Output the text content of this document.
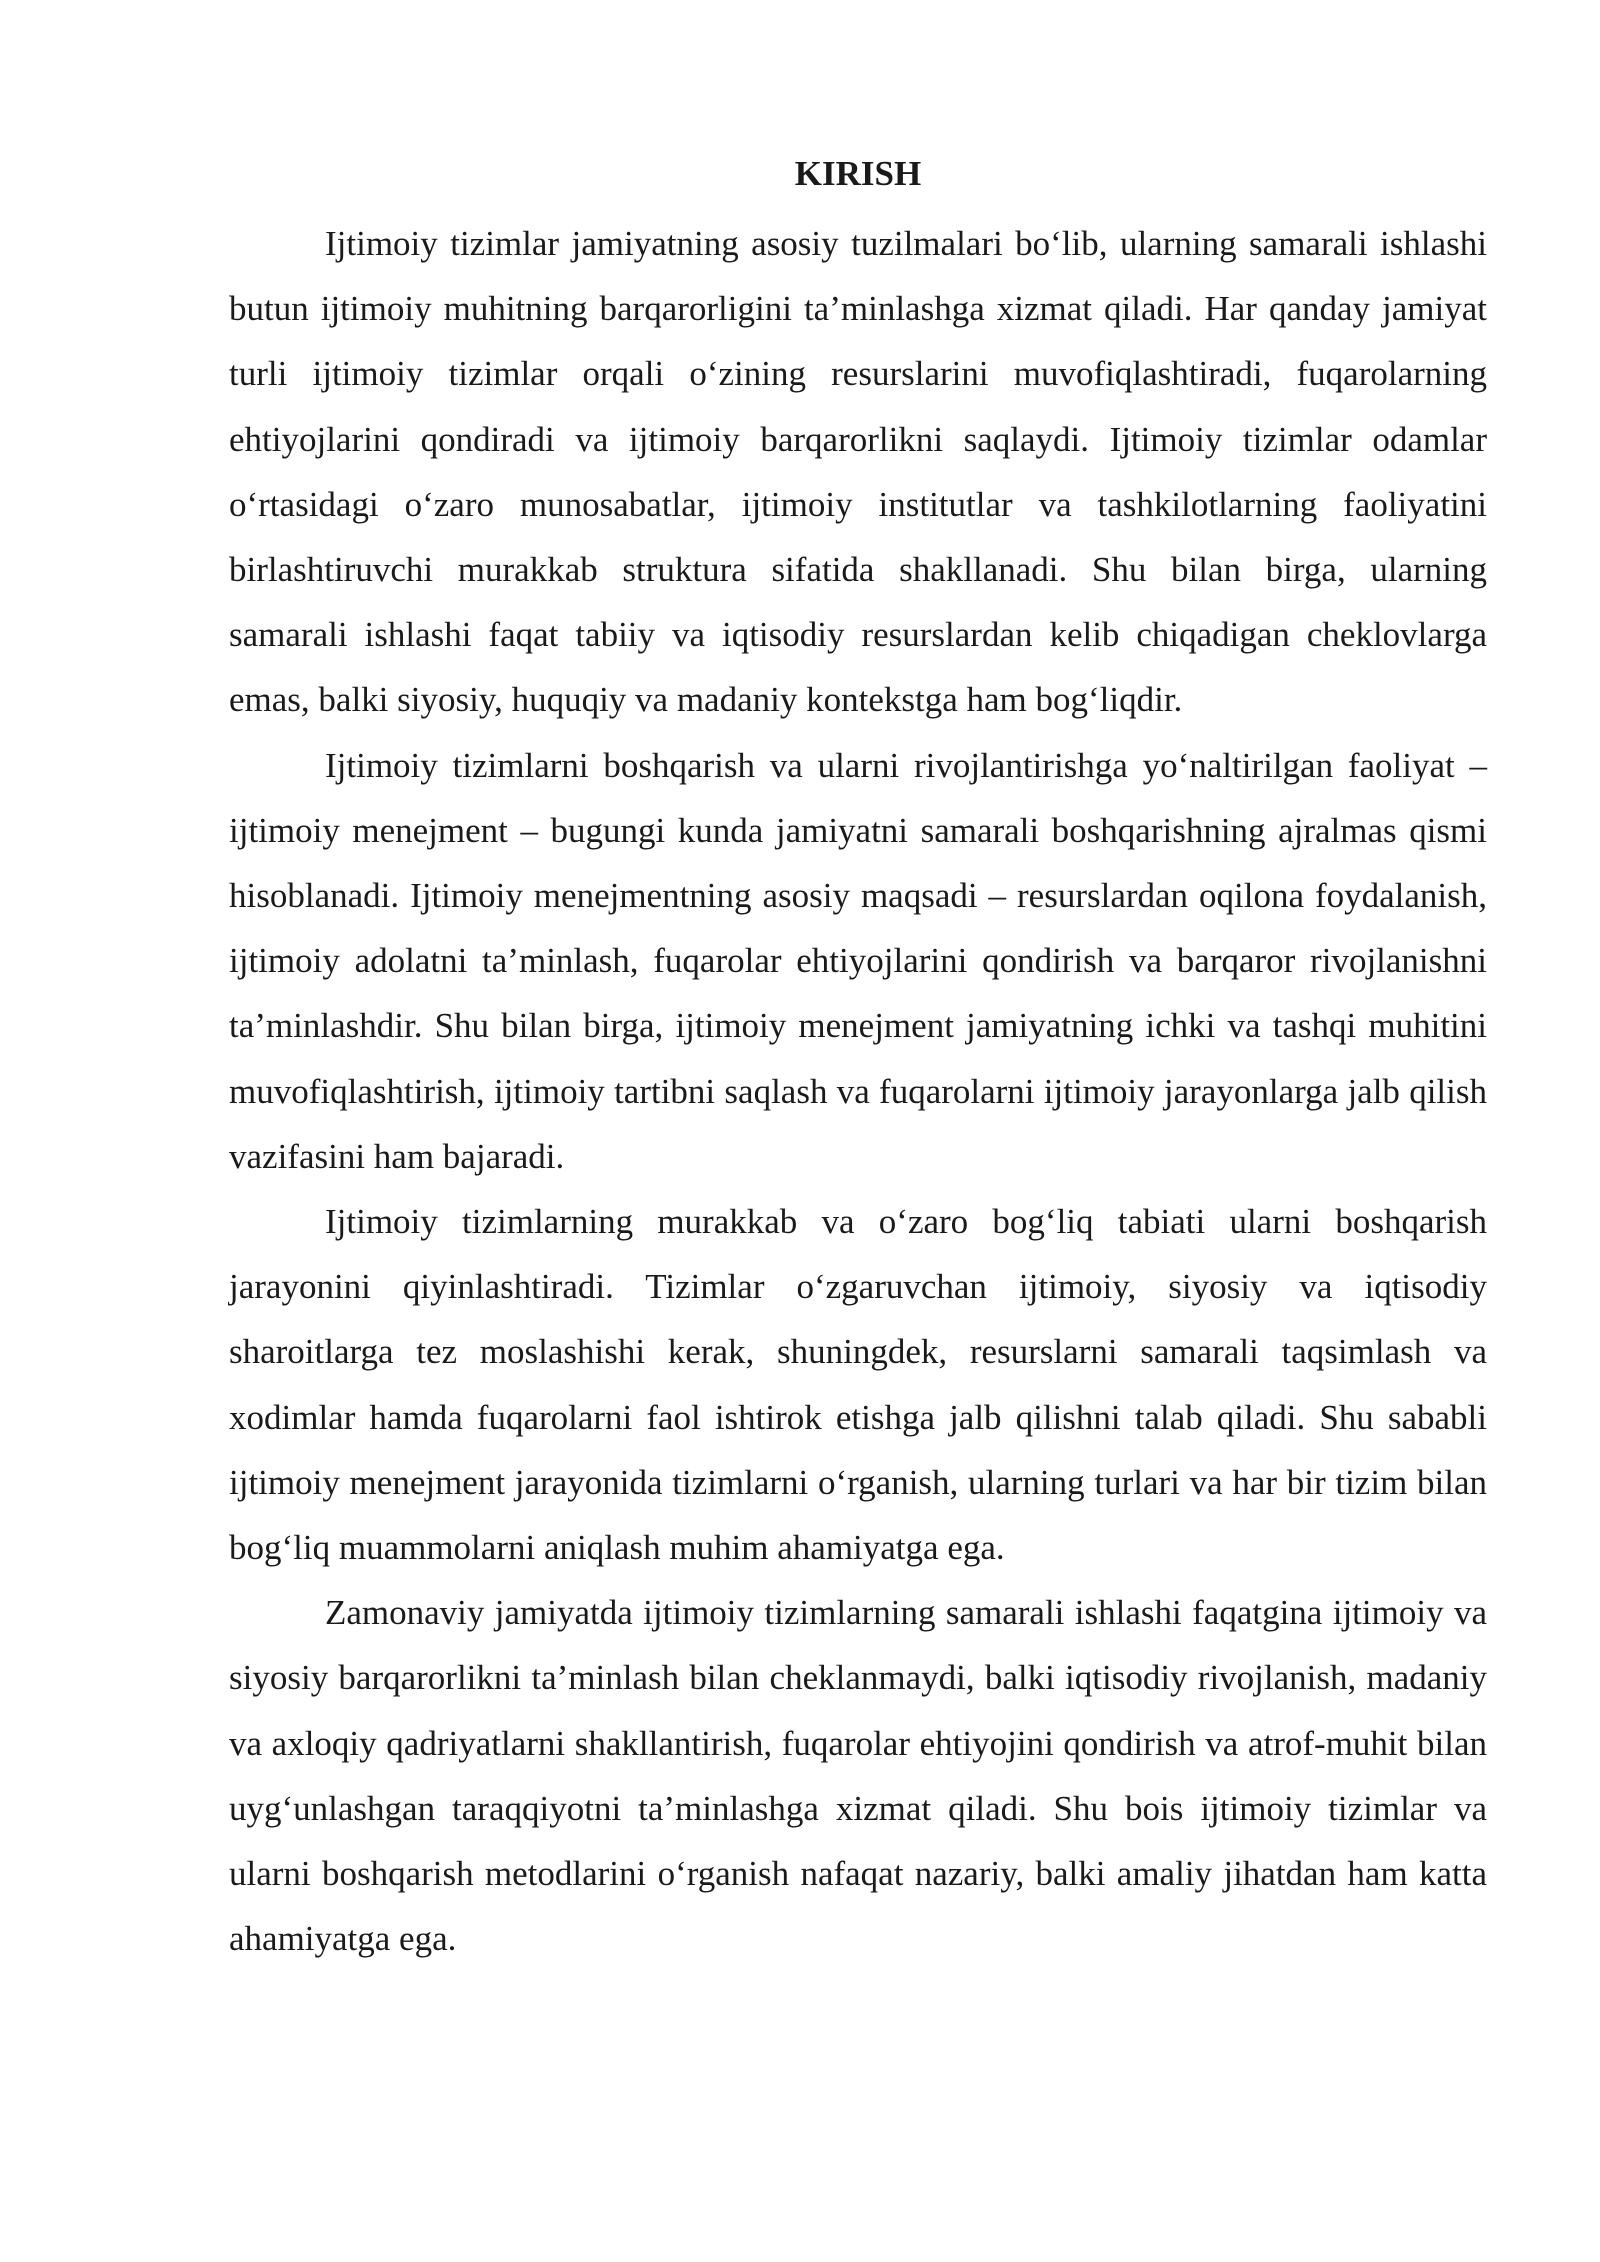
KIRISH

Ijtimoiy tizimlar jamiyatning asosiy tuzilmalari bo‘lib, ularning samarali ishlashi butun ijtimoiy muhitning barqarorligini ta’minlashga xizmat qiladi. Har qanday jamiyat turli ijtimoiy tizimlar orqali o‘zining resurslarini muvofiqlashtiradi, fuqarolarning ehtiyojlarini qondiradi va ijtimoiy barqarorlikni saqlaydi. Ijtimoiy tizimlar odamlar o‘rtasidagi o‘zaro munosabatlar, ijtimoiy institutlar va tashkilotlarning faoliyatini birlashtiruvchi murakkab struktura sifatida shakllanadi. Shu bilan birga, ularning samarali ishlashi faqat tabiiy va iqtisodiy resurslardan kelib chiqadigan cheklovlarga emas, balki siyosiy, huquqiy va madaniy kontekstga ham bog‘liqdir.

Ijtimoiy tizimlarni boshqarish va ularni rivojlantirishga yo‘naltirilgan faoliyat – ijtimoiy menejment – bugungi kunda jamiyatni samarali boshqarishning ajralmas qismi hisoblanadi. Ijtimoiy menejmentning asosiy maqsadi – resurslardan oqilona foydalanish, ijtimoiy adolatni ta’minlash, fuqarolar ehtiyojlarini qondirish va barqaror rivojlanishni ta’minlashdir. Shu bilan birga, ijtimoiy menejment jamiyatning ichki va tashqi muhitini muvofiqlashtirish, ijtimoiy tartibni saqlash va fuqarolarni ijtimoiy jarayonlarga jalb qilish vazifasini ham bajaradi.

Ijtimoiy tizimlarning murakkab va o‘zaro bog‘liq tabiati ularni boshqarish jarayonini qiyinlashtiradi. Tizimlar o‘zgaruvchan ijtimoiy, siyosiy va iqtisodiy sharoitlarga tez moslashishi kerak, shuningdek, resurslarni samarali taqsimlash va xodimlar hamda fuqarolarni faol ishtirok etishga jalb qilishni talab qiladi. Shu sababli ijtimoiy menejment jarayonida tizimlarni o‘rganish, ularning turlari va har bir tizim bilan bog‘liq muammolarni aniqlash muhim ahamiyatga ega.

Zamonaviy jamiyatda ijtimoiy tizimlarning samarali ishlashi faqatgina ijtimoiy va siyosiy barqarorlikni ta’minlash bilan cheklanmaydi, balki iqtisodiy rivojlanish, madaniy va axloqiy qadriyatlarni shakllantirish, fuqarolar ehtiyojini qondirish va atrof-muhit bilan uyg‘unlashgan taraqqiyotni ta’minlashga xizmat qiladi. Shu bois ijtimoiy tizimlar va ularni boshqarish metodlarini o‘rganish nafaqat nazariy, balki amaliy jihatdan ham katta ahamiyatga ega.
